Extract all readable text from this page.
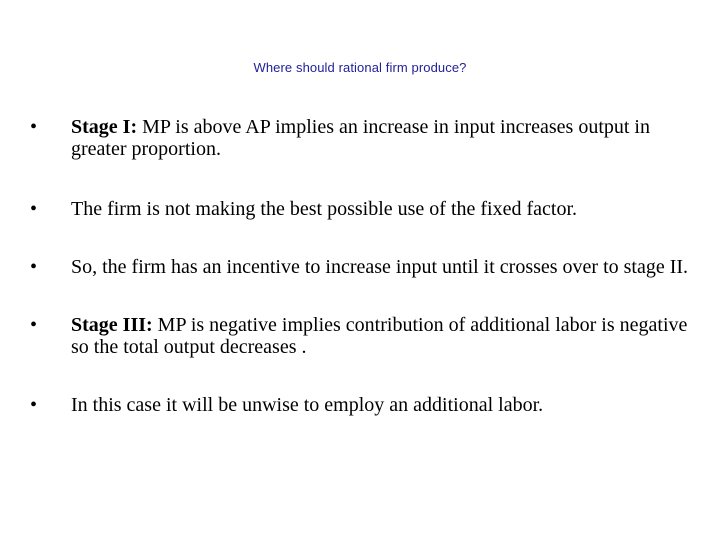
Where should rational firm produce?
• Stage I: MP is above AP implies an increase in input increases output in greater proportion.
• The firm is not making the best possible use of the fixed factor.
• So, the firm has an incentive to increase input until it crosses over to stage II.
• Stage III: MP is negative implies contribution of additional labor is negative so the total output decreases .
• In this case it will be unwise to employ an additional labor.
